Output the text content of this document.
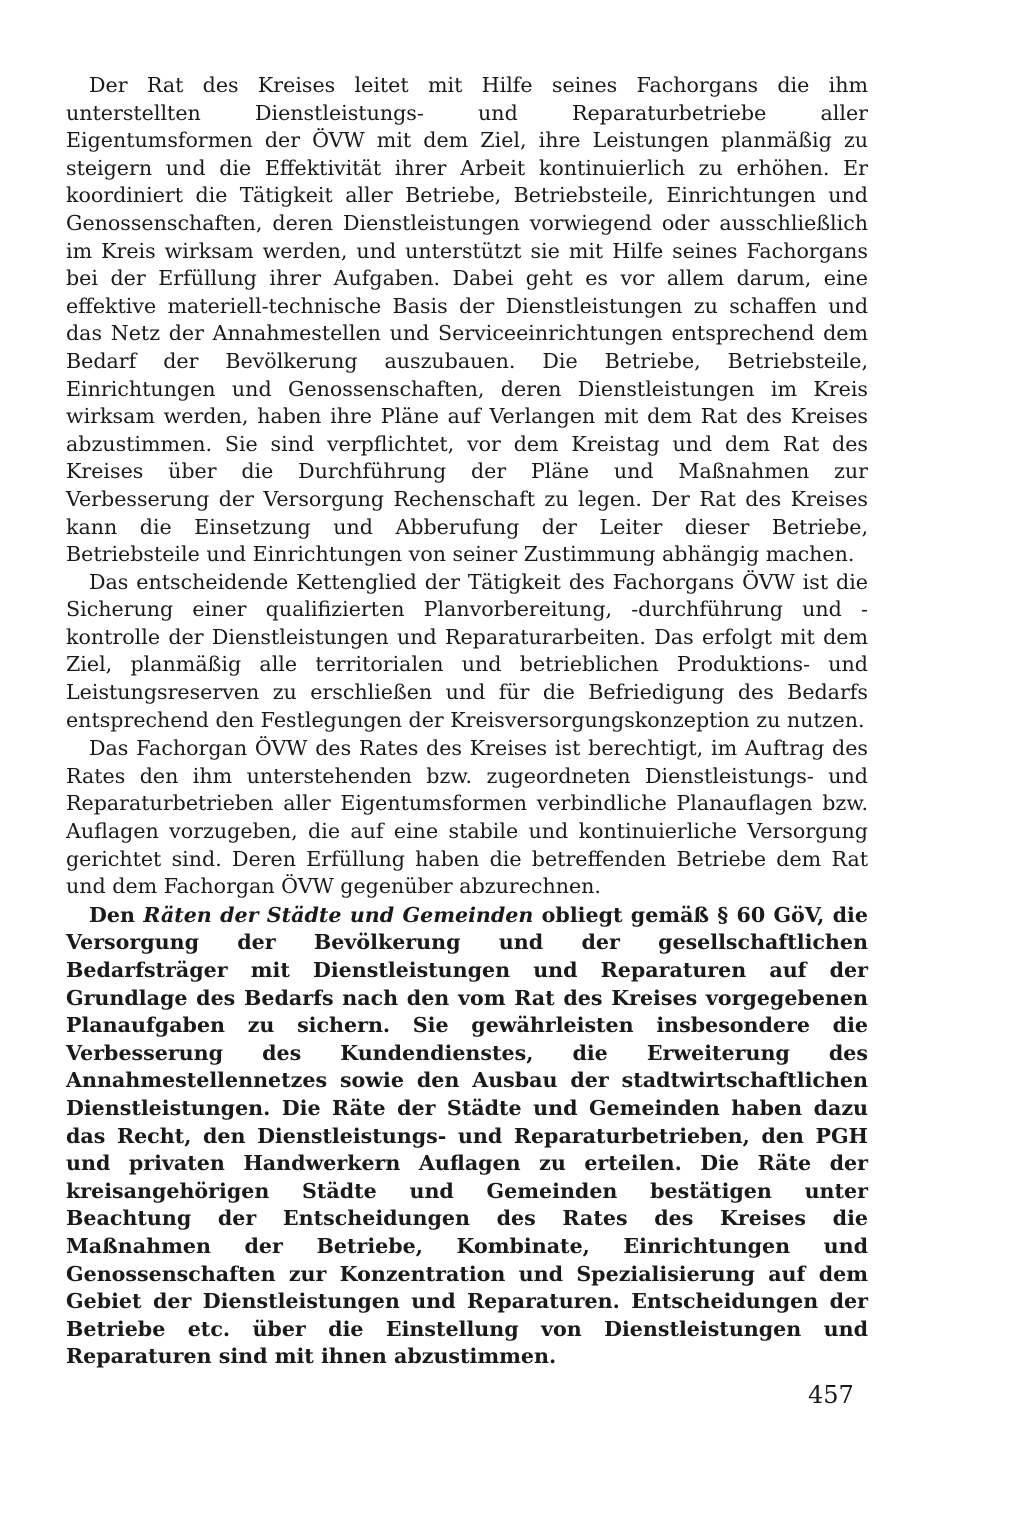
Der Rat des Kreises leitet mit Hilfe seines Fachorgans die ihm unterstellten Dienstleistungs- und Reparaturbetriebe aller Eigentumsformen der ÖVW mit dem Ziel, ihre Leistungen planmäßig zu steigern und die Effektivität ihrer Arbeit kontinuierlich zu erhöhen. Er koordiniert die Tätigkeit aller Betriebe, Betriebsteile, Einrichtungen und Genossenschaften, deren Dienstleistungen vorwiegend oder ausschließlich im Kreis wirksam werden, und unterstützt sie mit Hilfe seines Fachorgans bei der Erfüllung ihrer Aufgaben. Dabei geht es vor allem darum, eine effektive materiell-technische Basis der Dienstleistungen zu schaffen und das Netz der Annahmestellen und Serviceeinrichtungen entsprechend dem Bedarf der Bevölkerung auszubauen. Die Betriebe, Betriebsteile, Einrichtungen und Genossenschaften, deren Dienstleistungen im Kreis wirksam werden, haben ihre Pläne auf Verlangen mit dem Rat des Kreises abzustimmen. Sie sind verpflichtet, vor dem Kreistag und dem Rat des Kreises über die Durchführung der Pläne und Maßnahmen zur Verbesserung der Versorgung Rechenschaft zu legen. Der Rat des Kreises kann die Einsetzung und Abberufung der Leiter dieser Betriebe, Betriebsteile und Einrichtungen von seiner Zustimmung abhängig machen.

Das entscheidende Kettenglied der Tätigkeit des Fachorgans ÖVW ist die Sicherung einer qualifizierten Planvorbereitung, -durchführung und -kontrolle der Dienstleistungen und Reparaturarbeiten. Das erfolgt mit dem Ziel, planmäßig alle territorialen und betrieblichen Produktions- und Leistungsreserven zu erschließen und für die Befriedigung des Bedarfs entsprechend den Festlegungen der Kreisversorgungskonzeption zu nutzen.

Das Fachorgan ÖVW des Rates des Kreises ist berechtigt, im Auftrag des Rates den ihm unterstehenden bzw. zugeordneten Dienstleistungs- und Reparaturbetrieben aller Eigentumsformen verbindliche Planauflagen bzw. Auflagen vorzugeben, die auf eine stabile und kontinuierliche Versorgung gerichtet sind. Deren Erfüllung haben die betreffenden Betriebe dem Rat und dem Fachorgan ÖVW gegenüber abzurechnen.

Den Räten der Städte und Gemeinden obliegt gemäß § 60 GöV, die Versorgung der Bevölkerung und der gesellschaftlichen Bedarfsträger mit Dienstleistungen und Reparaturen auf der Grundlage des Bedarfs nach den vom Rat des Kreises vorgegebenen Planaufgaben zu sichern. Sie gewährleisten insbesondere die Verbesserung des Kundendienstes, die Erweiterung des Annahmestellennetzes sowie den Ausbau der stadtwirtschaftlichen Dienstleistungen. Die Räte der Städte und Gemeinden haben dazu das Recht, den Dienstleistungs- und Reparaturbetrieben, den PGH und privaten Handwerkern Auflagen zu erteilen. Die Räte der kreisangehörigen Städte und Gemeinden bestätigen unter Beachtung der Entscheidungen des Rates des Kreises die Maßnahmen der Betriebe, Kombinate, Einrichtungen und Genossenschaften zur Konzentration und Spezialisierung auf dem Gebiet der Dienstleistungen und Reparaturen. Entscheidungen der Betriebe etc. über die Einstellung von Dienstleistungen und Reparaturen sind mit ihnen abzustimmen.

457
